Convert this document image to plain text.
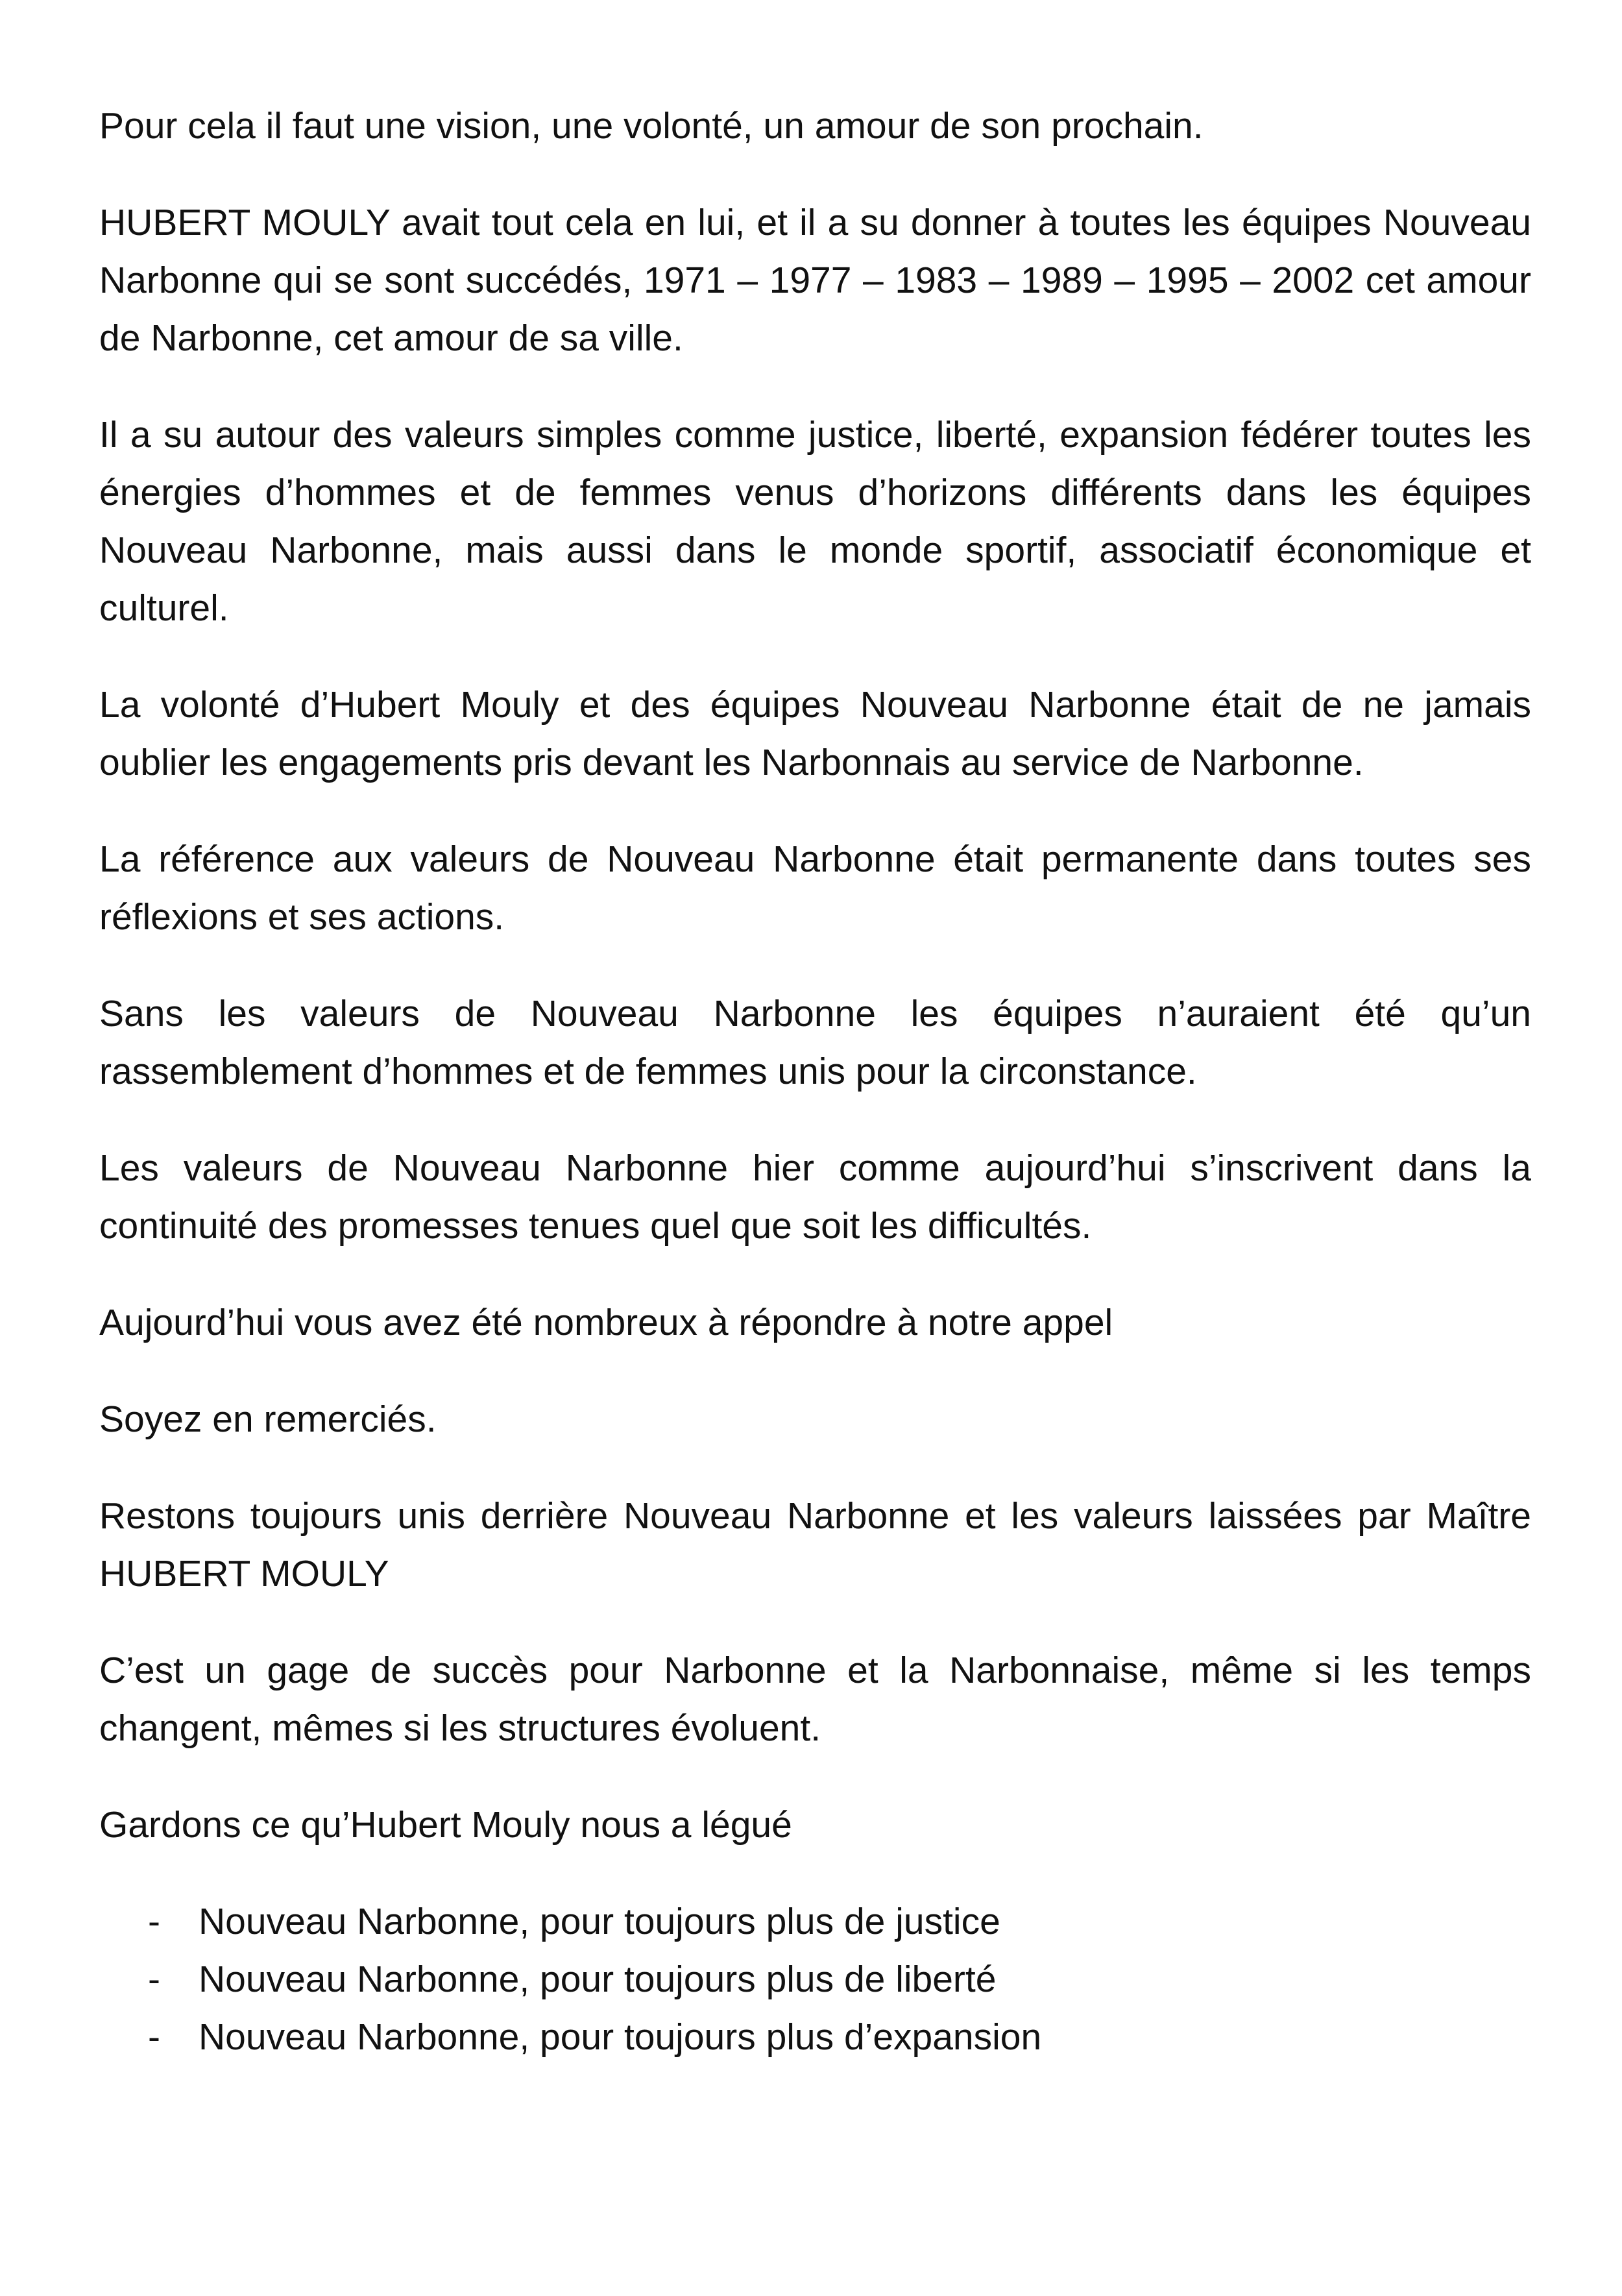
Pour cela il faut une vision, une volonté, un amour de son prochain.

HUBERT MOULY avait tout cela en lui, et il a su donner à toutes les équipes Nouveau Narbonne qui se sont succédés, 1971 – 1977 – 1983 – 1989 – 1995 – 2002 cet amour de Narbonne, cet amour de sa ville.

Il a su autour des valeurs simples comme justice, liberté, expansion fédérer toutes les énergies d’hommes et de femmes venus d’horizons différents dans les équipes Nouveau Narbonne, mais aussi dans le monde sportif, associatif économique et culturel.

La volonté d’Hubert Mouly et des équipes Nouveau Narbonne était de ne jamais oublier les engagements pris devant les Narbonnais au service de Narbonne.

La référence aux valeurs de Nouveau Narbonne était permanente dans toutes ses réflexions et ses actions.

Sans les valeurs de Nouveau Narbonne les équipes n’auraient été qu’un rassemblement d’hommes et de femmes unis pour la circonstance.

Les valeurs de Nouveau Narbonne hier comme aujourd’hui s’inscrivent dans la continuité des promesses tenues quel que soit les difficultés.

Aujourd’hui vous avez été nombreux à répondre à notre appel

Soyez en remerciés.

Restons toujours unis derrière Nouveau Narbonne et les valeurs laissées par Maître HUBERT MOULY

C’est un gage de succès pour Narbonne et la Narbonnaise, même si les temps changent, mêmes si les structures évoluent.

Gardons ce qu’Hubert Mouly nous a légué

- Nouveau Narbonne, pour toujours plus de justice
- Nouveau Narbonne, pour toujours plus de liberté
- Nouveau Narbonne, pour toujours plus d’expansion
